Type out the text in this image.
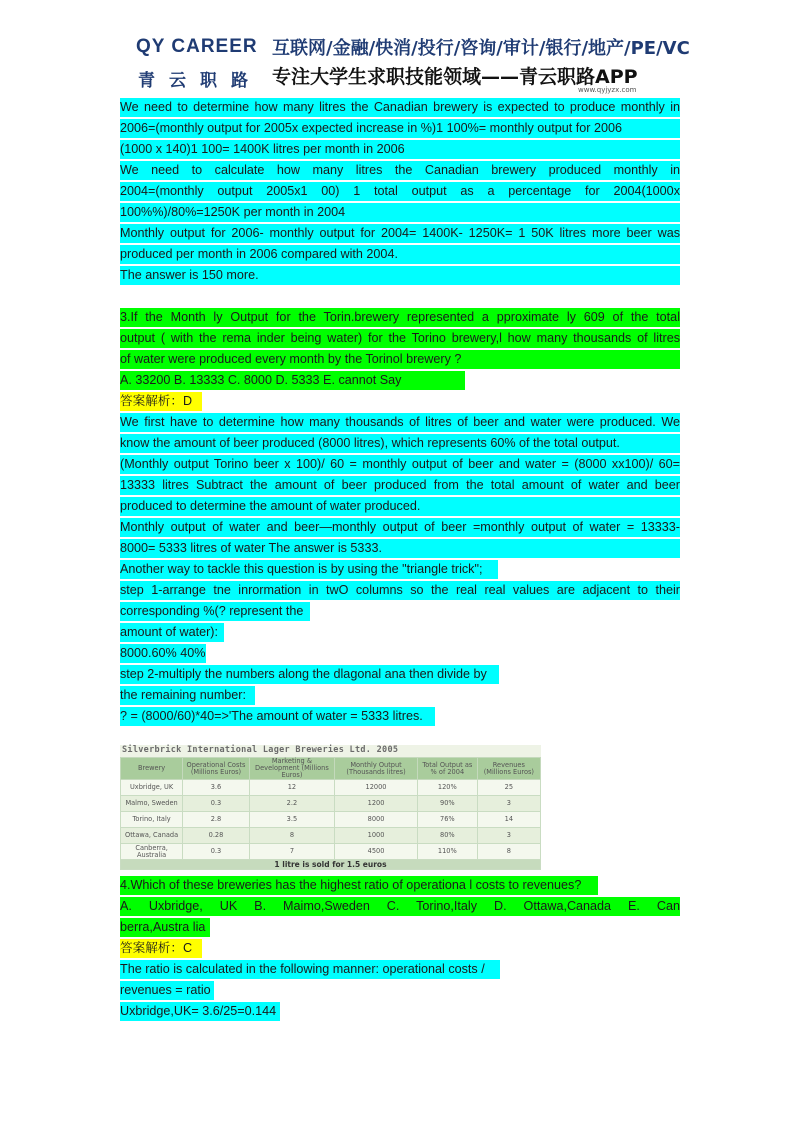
QY CAREER
青云职路
互联网/金融/快消/投行/咨询/审计/银行/地产/PE/VC
专注大学生求职技能领域——青云职路APP
www.qyjyzx.com
We need to determine how many litres the Canadian brewery is expected to produce monthly in
2006=(monthly output for 2005x expected increase in %)1 100%= monthly output for 2006
(1000 x 140)1 100= 1400K litres per month in 2006
We need to calculate how many litres the Canadian brewery produced monthly in
2004=(monthly output 2005x1 00) 1 total output as a percentage for 2004(1000x
100%%)/80%=1250K per month in 2004
Monthly output for 2006- monthly output for 2004= 1400K- 1250K= 1 50K litres more beer was
produced per month in 2006 compared with 2004.
The answer is 150 more.
3.If the Month ly Output for the Torin.brewery represented a pproximate ly 609 of the total
output ( with the rema inder being water) for the Torino brewery,l how many thousands of litres
of water were produced every month by the Torinol brewery ?
A. 33200 B. 13333 C. 8000 D. 5333 E. cannot Say
答案解析：D
We first have to determine how many thousands of litres of beer and water were produced. We
know the amount of beer produced (8000 litres), which represents 60% of the total output.
(Monthly output Torino beer x 100)/ 60 = monthly output of beer and water = (8000 xx100)/ 60=
13333 litres Subtract the amount of beer produced from the total amount of water and beer
produced to determine the amount of water produced.
Monthly output of water and beer—monthly output of beer =monthly output of water = 13333-
8000= 5333 litres of water The answer is 5333.
Another way to tackle this question is by using the "triangle trick";
step 1-arrange tne inrormation in twO columns so the real real values are adjacent to their
corresponding %(? represent the
amount of water):
8000.60% 40%
step 2-multiply the numbers along the dlagonal ana then divide by
the remaining number:
? = (8000/60)*40=>'The amount of water = 5333 litres.
Silverbrick International Lager Breweries Ltd. 2005
Brewery	Operational Costs (Millions Euros)	Marketing & Development (Millions Euros)	Monthly Output (Thousands litres)	Total Output as % of 2004	Revenues (Millions Euros)
Uxbridge, UK	3.6	12	12000	120%	25
Malmo, Sweden	0.3	2.2	1200	90%	3
Torino, Italy	2.8	3.5	8000	76%	14
Ottawa, Canada	0.28	8	1000	80%	3
Canberra, Australia	0.3	7	4500	110%	8
1 litre is sold for 1.5 euros					
4.Which of these breweries has the highest ratio of operationa l costs to revenues?
A. Uxbridge, UK B. Maimo,Sweden C. Torino,Italy D. Ottawa,Canada E. Can
berra,Austra lia
答案解析：C
The ratio is calculated in the following manner: operational costs /
revenues = ratio
Uxbridge,UK= 3.6/25=0.144
